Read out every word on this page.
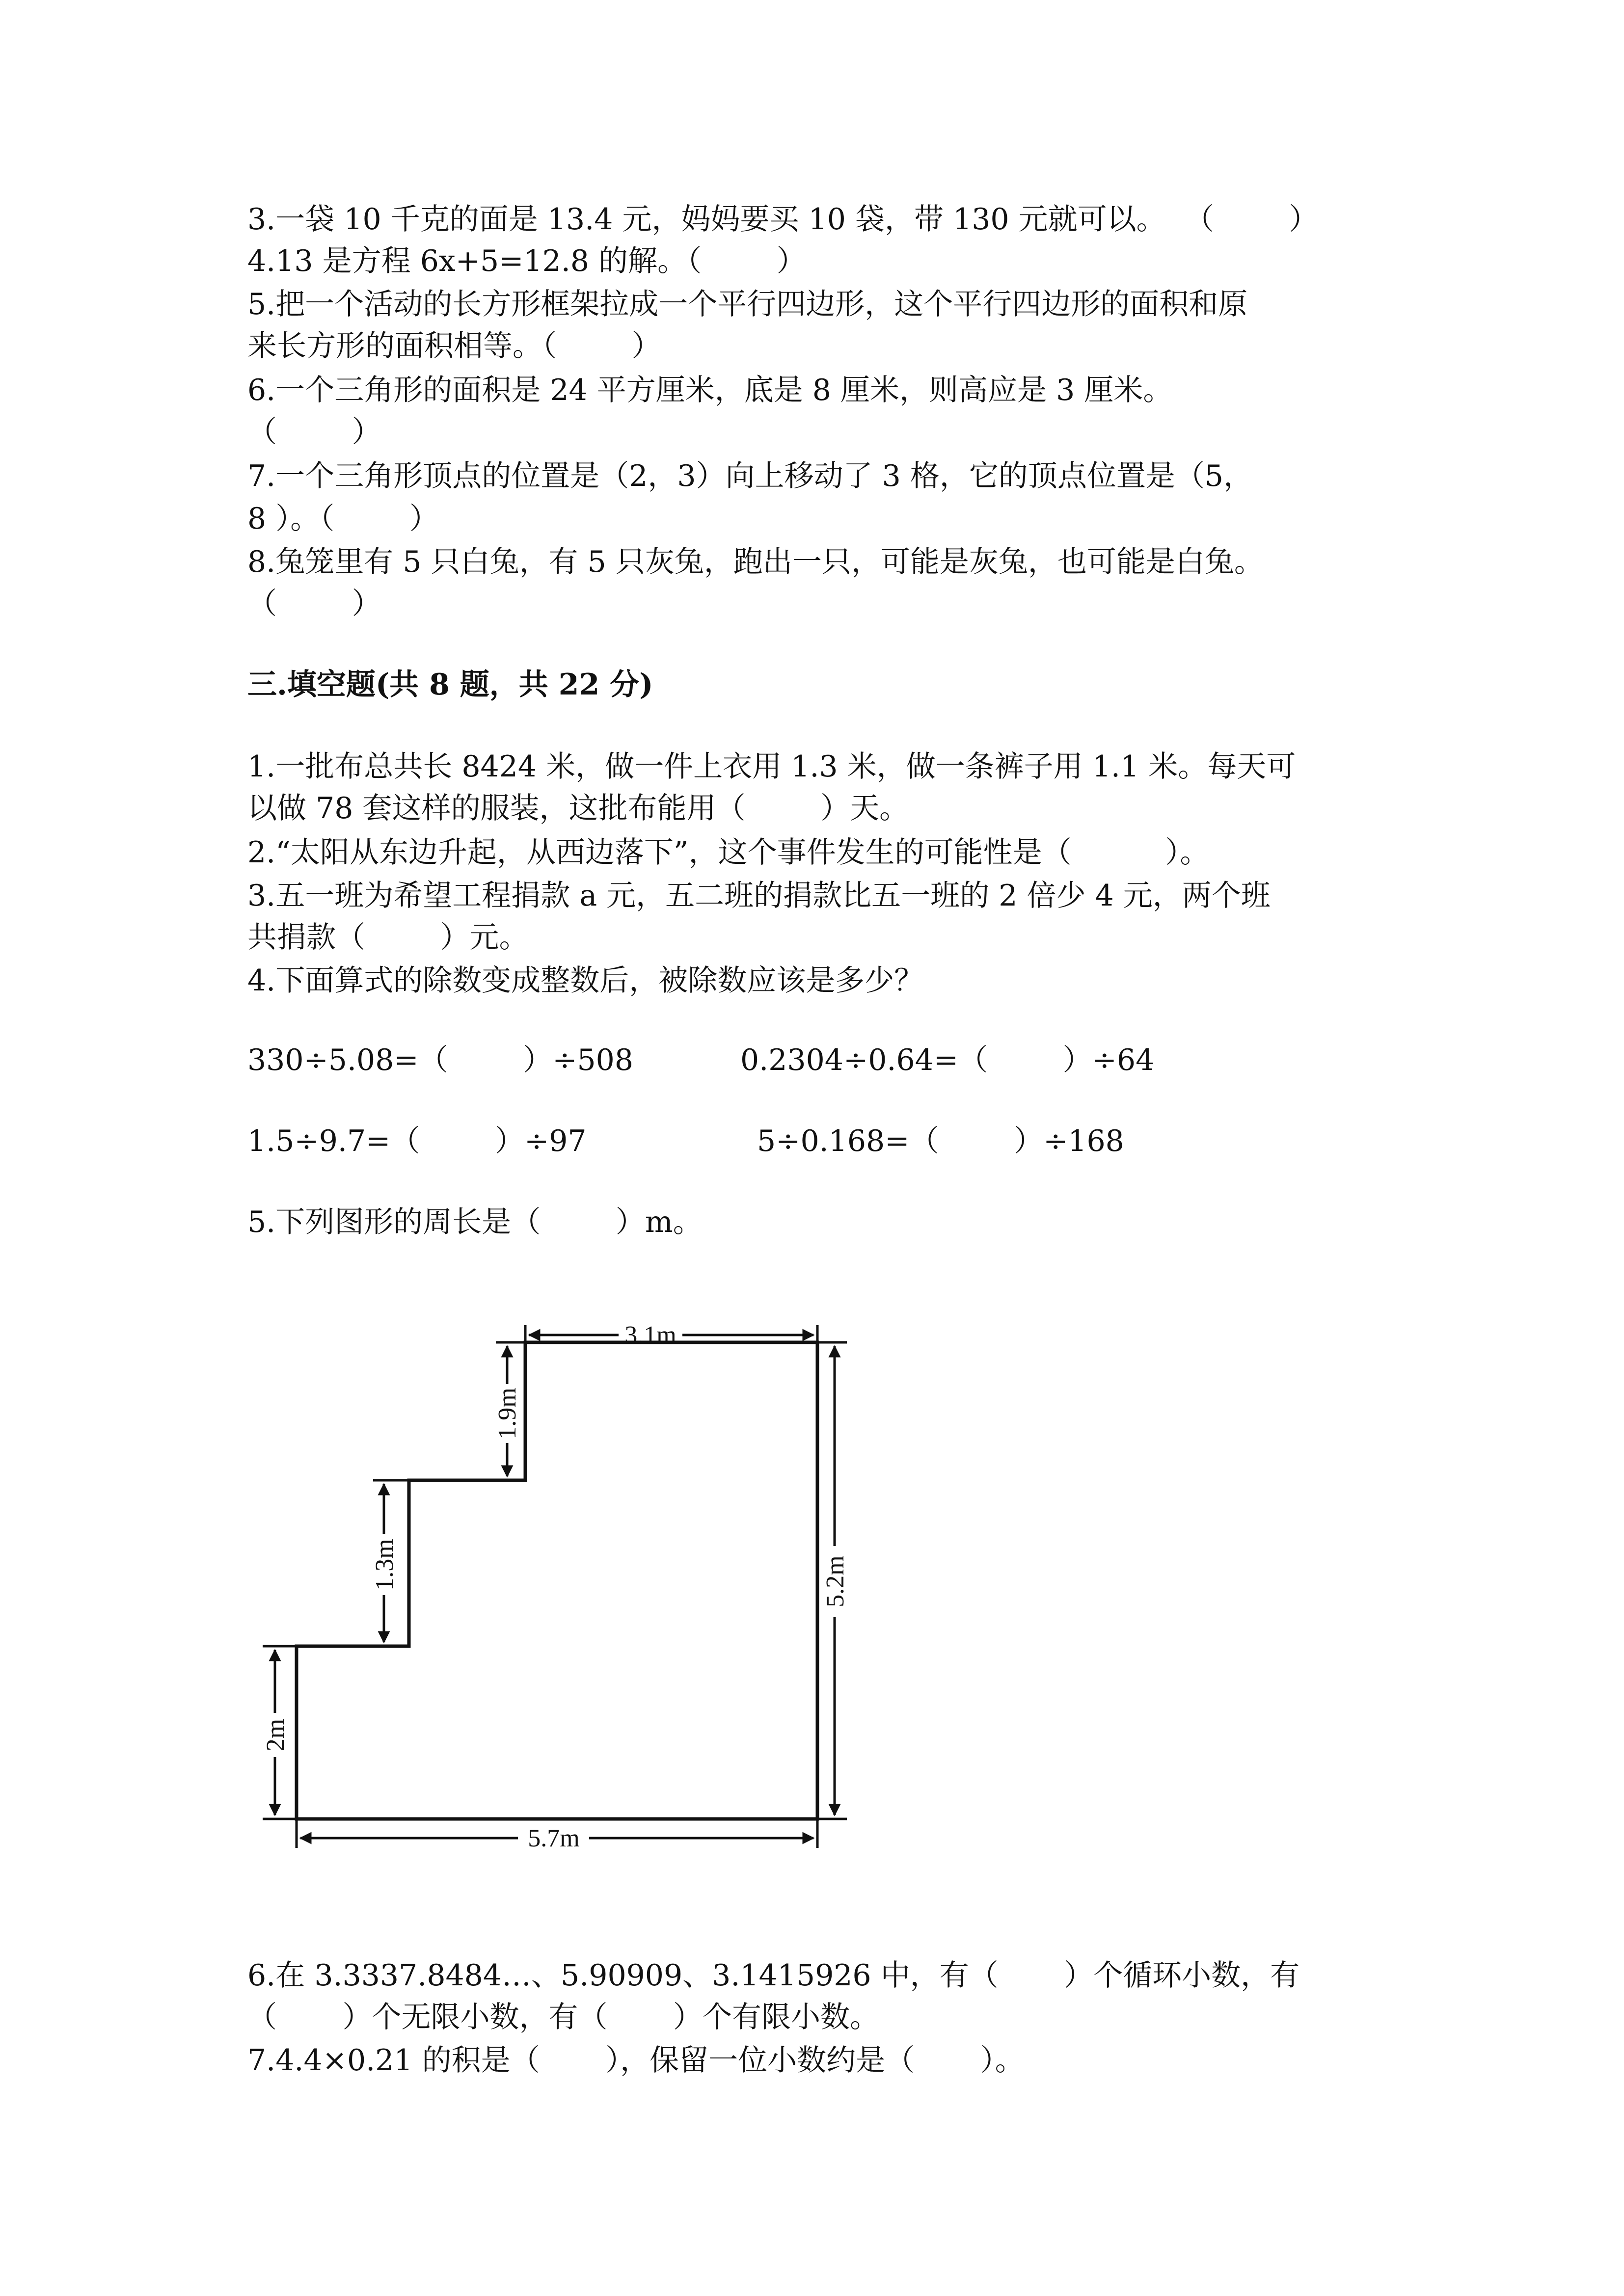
3.一袋 10 千克的面是 13.4 元，妈妈要买 10 袋，带 130 元就可以。  （        ）
4.13 是方程 6x+5=12.8 的解。（        ）
5.把一个活动的长方形框架拉成一个平行四边形，这个平行四边形的面积和原
来长方形的面积相等。（        ）
6.一个三角形的面积是 24 平方厘米，底是 8 厘米，则高应是 3 厘米。
（        ）
7.一个三角形顶点的位置是（2，3）向上移动了 3 格，它的顶点位置是（5，
8 ）。（        ）
8.兔笼里有 5 只白兔，有 5 只灰兔，跑出一只，可能是灰兔，也可能是白兔。
（        ）
三.填空题(共 8 题，共 22 分)
1.一批布总共长 8424 米，做一件上衣用 1.3 米，做一条裤子用 1.1 米。每天可
以做 78 套这样的服装，这批布能用（        ）天。
2.“太阳从东边升起，从西边落下”，这个事件发生的可能性是（          ）。
3.五一班为希望工程捐款 a 元，五二班的捐款比五一班的 2 倍少 4 元，两个班
共捐款（        ）元。
4.下面算式的除数变成整数后，被除数应该是多少？
330÷5.08=（        ）÷508	0.2304÷0.64=（        ）÷64
1.5÷9.7=（        ）÷97	5÷0.168=（        ）÷168
5.下列图形的周长是（        ）m。
3.1m
1.9m
1.3m
2m
5.2m
5.7m
6.在 3.3337.8484…、5.90909、3.1415926 中，有（       ）个循环小数，有
（       ）个无限小数，有（       ）个有限小数。
7.4.4×0.21 的积是（       ），保留一位小数约是（       ）。
